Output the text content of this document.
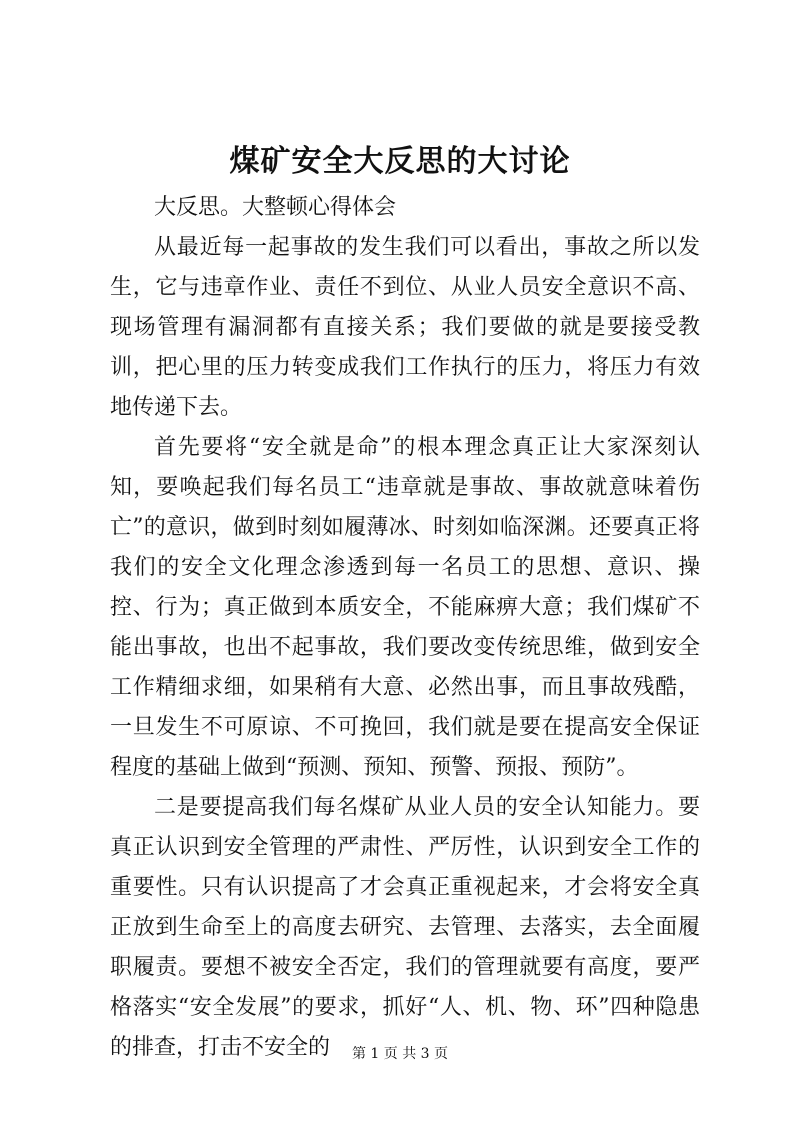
煤矿安全大反思的大讨论

大反思。大整顿心得体会

从最近每一起事故的发生我们可以看出，事故之所以发生，它与违章作业、责任不到位、从业人员安全意识不高、现场管理有漏洞都有直接关系；我们要做的就是要接受教训，把心里的压力转变成我们工作执行的压力，将压力有效地传递下去。

首先要将“安全就是命”的根本理念真正让大家深刻认知，要唤起我们每名员工“违章就是事故、事故就意味着伤亡”的意识，做到时刻如履薄冰、时刻如临深渊。还要真正将我们的安全文化理念渗透到每一名员工的思想、意识、操控、行为；真正做到本质安全，不能麻痹大意；我们煤矿不能出事故，也出不起事故，我们要改变传统思维，做到安全工作精细求细，如果稍有大意、必然出事，而且事故残酷，一旦发生不可原谅、不可挽回，我们就是要在提高安全保证程度的基础上做到“预测、预知、预警、预报、预防”。

二是要提高我们每名煤矿从业人员的安全认知能力。要真正认识到安全管理的严肃性、严厉性，认识到安全工作的重要性。只有认识提高了才会真正重视起来，才会将安全真正放到生命至上的高度去研究、去管理、去落实，去全面履职履责。要想不被安全否定，我们的管理就要有高度，要严格落实“安全发展”的要求，抓好“人、机、物、环”四种隐患的排查，打击不安全的	第 1 页 共 3 页
